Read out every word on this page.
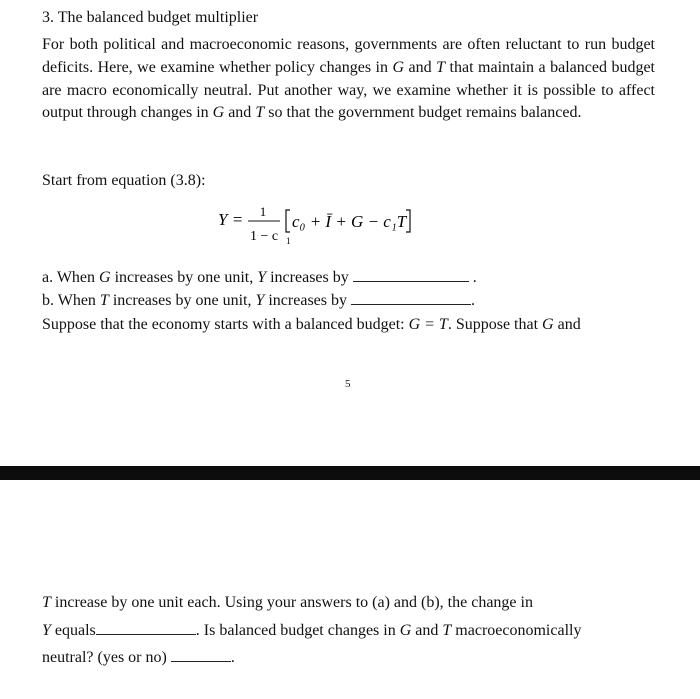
3. The balanced budget multiplier
For both political and macroeconomic reasons, governments are often reluctant to run budget deficits. Here, we examine whether policy changes in G and T that maintain a balanced budget are macro economically neutral. Put another way, we examine whether it is possible to affect output through changes in G and T so that the government budget remains balanced.
Start from equation (3.8):
Y = 1
1 − c 1
c₀ + Ī + G − c₁T
a. When G increases by one unit, Y increases by	.
b. When T increases by one unit, Y increases by	.
Suppose that the economy starts with a balanced budget: G = T. Suppose that G and
5
T increase by one unit each. Using your answers to (a) and (b), the change in
Y equals	. Is balanced budget changes in G and T macroeconomically
neutral? (yes or no)	.
